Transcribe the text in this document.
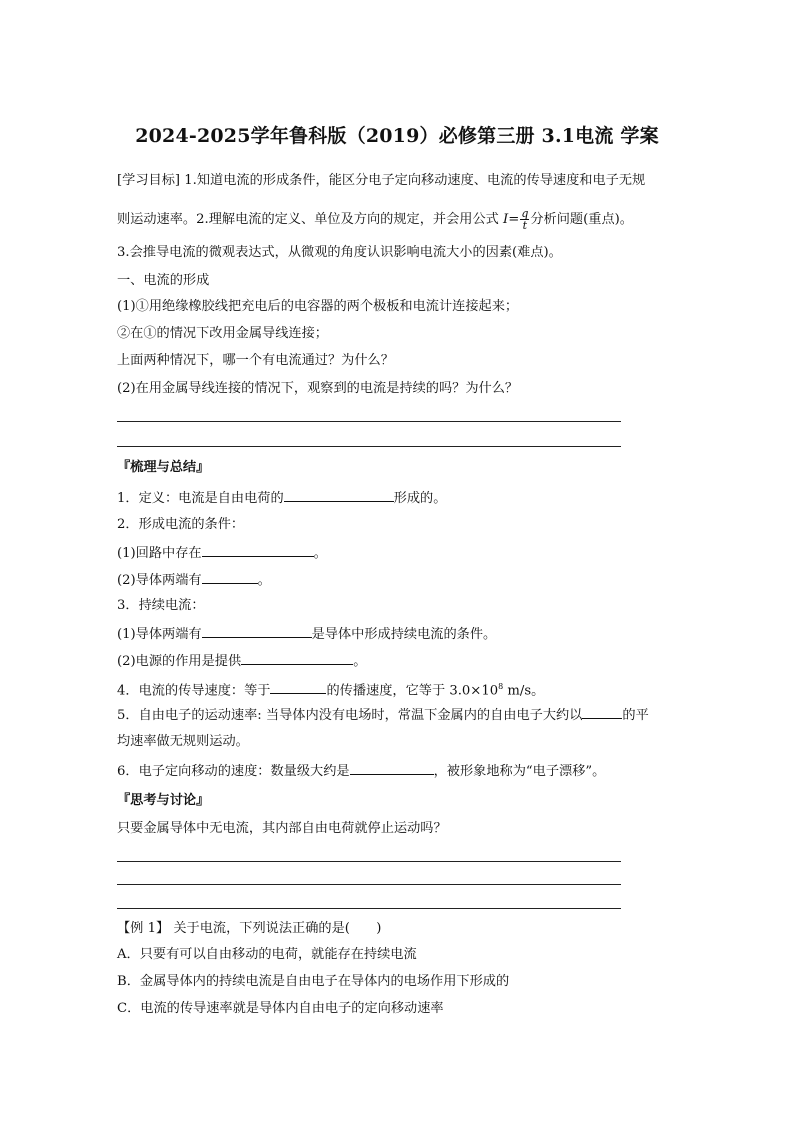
2024-2025学年鲁科版（2019）必修第三册 3.1电流 学案
[学习目标] 1.知道电流的形成条件，能区分电子定向移动速度、电流的传导速度和电子无规
则运动速率。2.理解电流的定义、单位及方向的规定，并会用公式 $I= \frac{q}{t}$ 分析问题(重点)。
3.会推导电流的微观表达式，从微观的角度认识影响电流大小的因素(难点)。
一、电流的形成
(1)①用绝缘橡胶线把充电后的电容器的两个极板和电流计连接起来；
②在①的情况下改用金属导线连接；
上面两种情况下，哪一个有电流通过？为什么？
(2)在用金属导线连接的情况下，观察到的电流是持续的吗？为什么？
『梳理与总结』
1．定义：电流是自由电荷的	形成的。
2．形成电流的条件：
(1)回路中存在	。
(2)导体两端有	。
3．持续电流：
(1)导体两端有	是导体中形成持续电流的条件。
(2)电源的作用是提供	。
4．电流的传导速度：等于	的传播速度，它等于 $3.0\times 10^8$ m/s。
5．自由电子的运动速率: 当导体内没有电场时，常温下金属内的自由电子大约以	的平
均速率做无规则运动。
6．电子定向移动的速度：数量级大约是	，被形象地称为“电子漂移”。
『思考与讨论』
只要金属导体中无电流，其内部自由电荷就停止运动吗？
【例 1】 关于电流，下列说法正确的是(　　)
A．只要有可以自由移动的电荷，就能存在持续电流
B．金属导体内的持续电流是自由电子在导体内的电场作用下形成的
C．电流的传导速率就是导体内自由电子的定向移动速率
